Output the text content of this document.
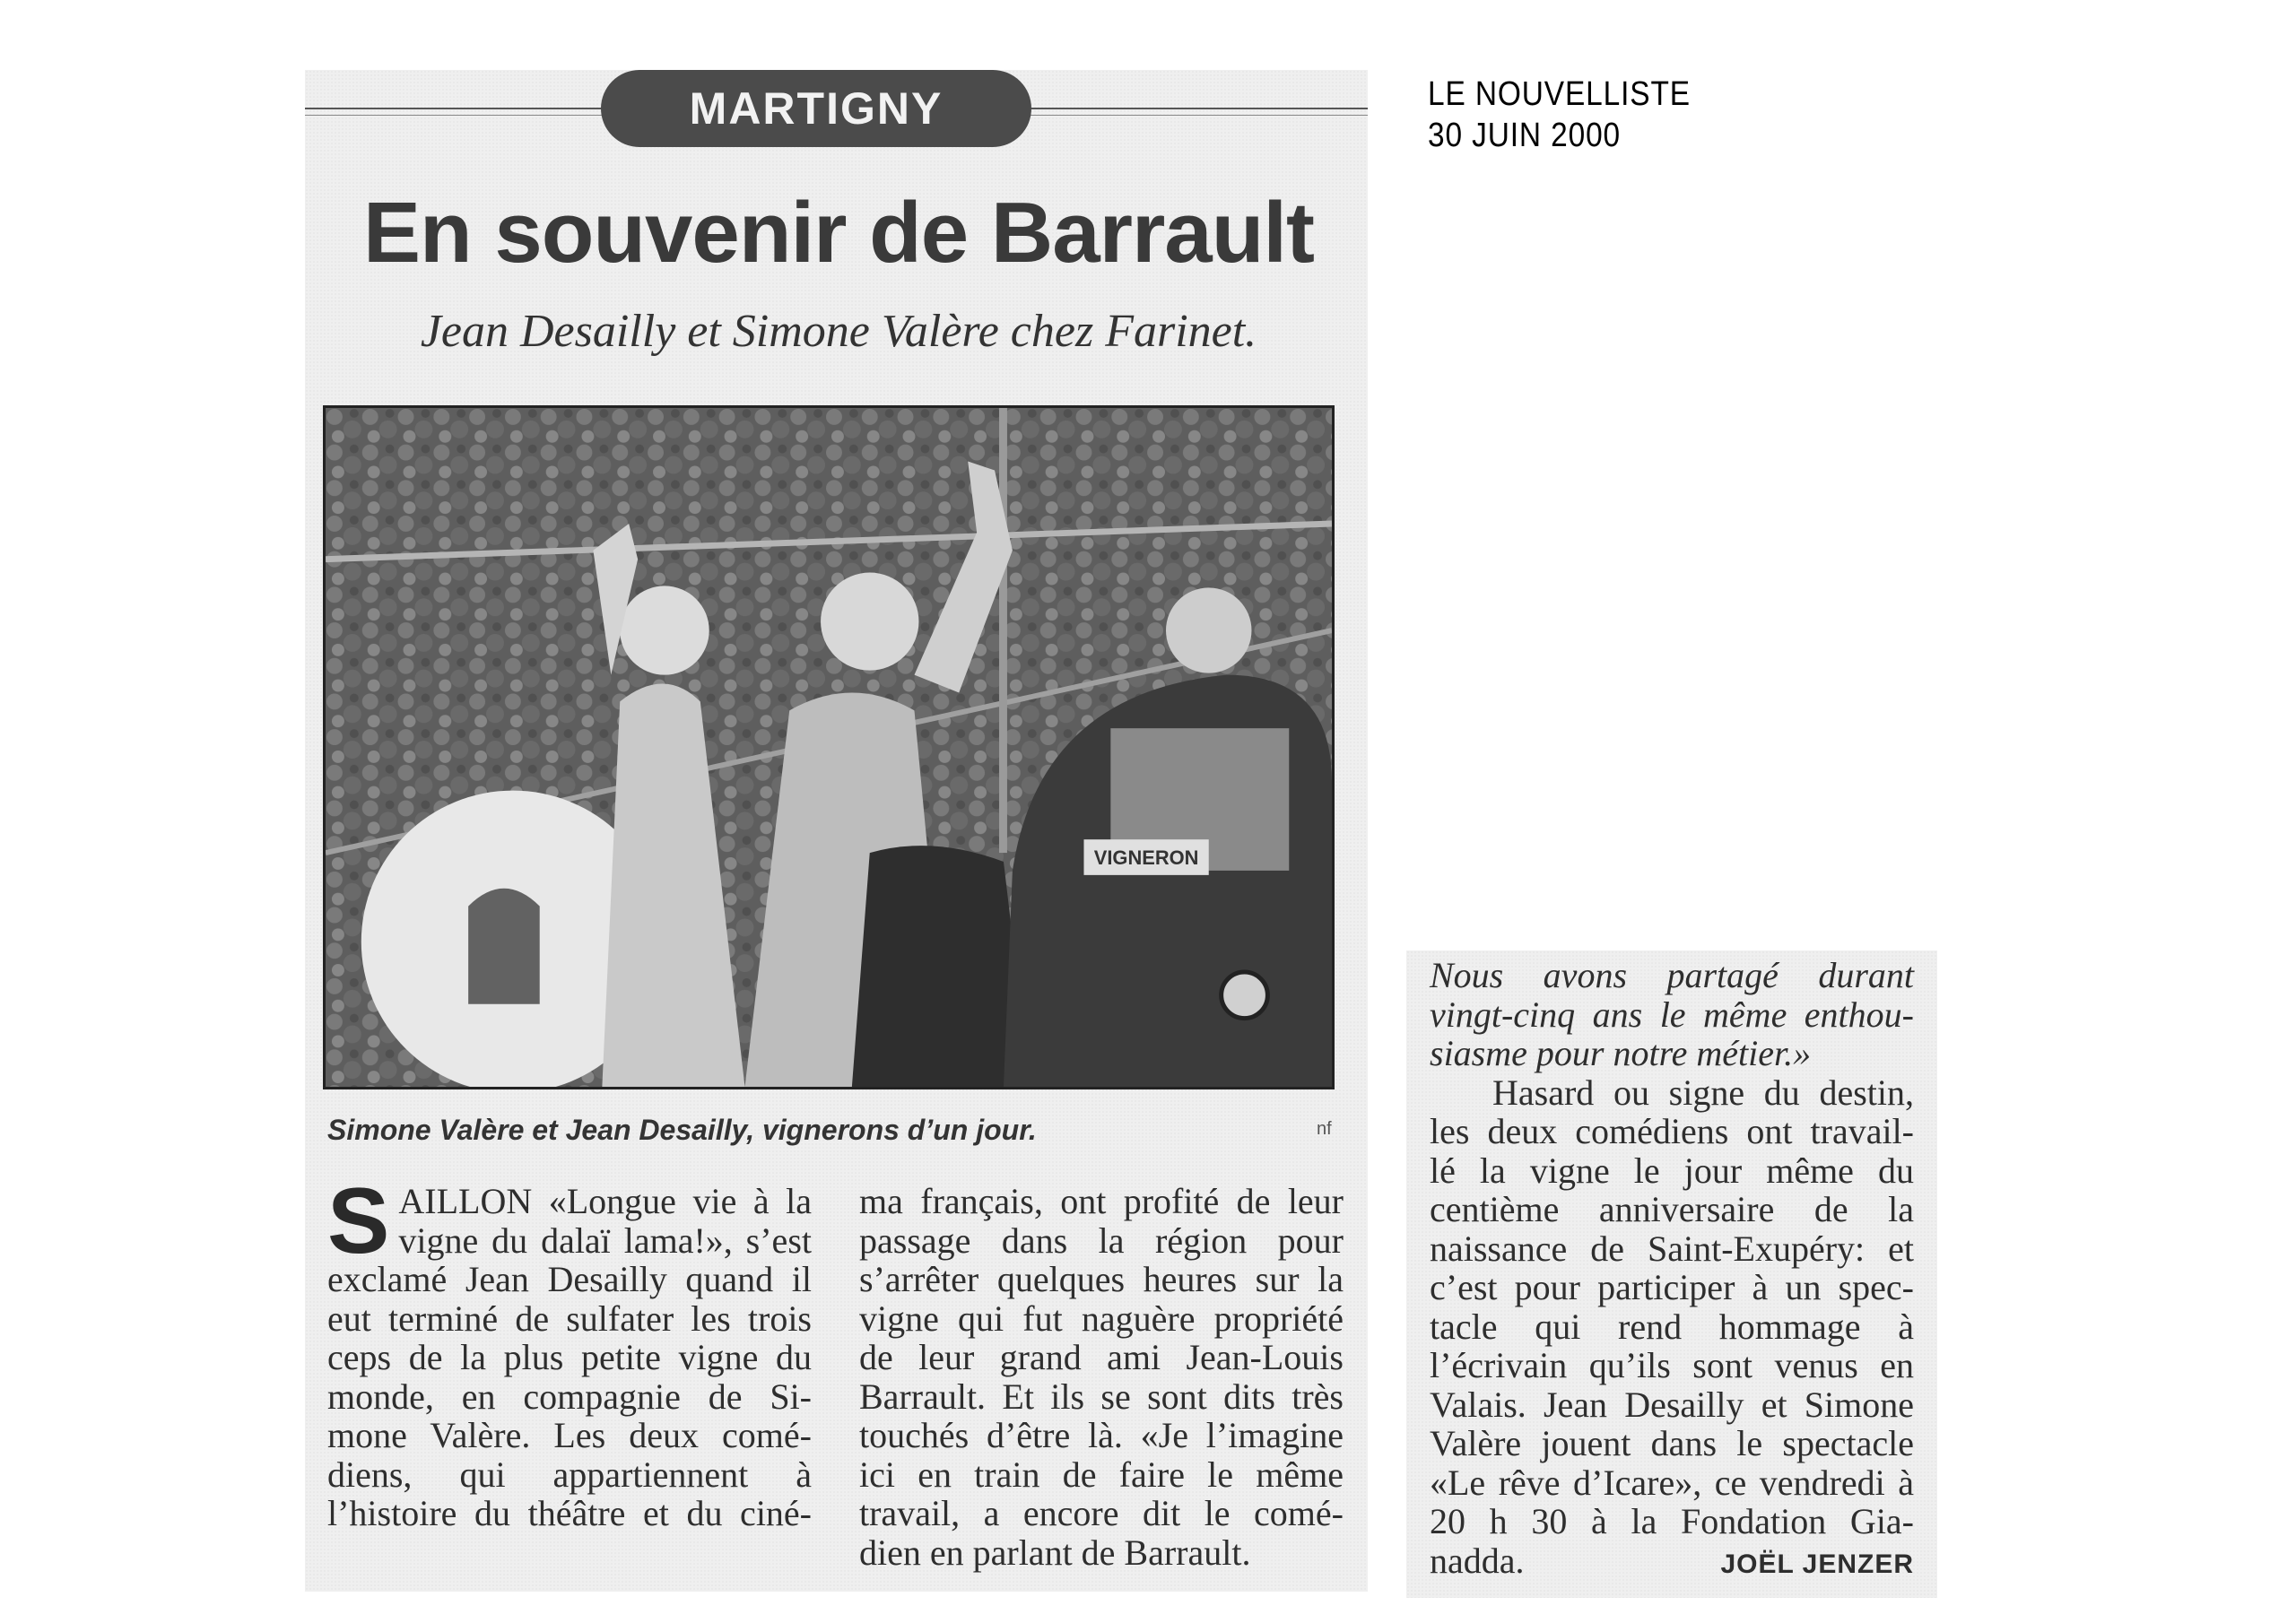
LE NOUVELLISTE
30 JUIN 2000
MARTIGNY
En souvenir de Barrault
Jean Desailly et Simone Valère chez Farinet.
VIGNERON
Simone Valère et Jean Desailly, vignerons d’un jour.	nf
S AILLON «Longue vie à la
vigne du dalaï lama!», s’est
exclamé Jean Desailly quand il
eut terminé de sulfater les trois
ceps de la plus petite vigne du
monde, en compagnie de Si-
mone Valère. Les deux comé-
diens, qui appartiennent à
l’histoire du théâtre et du ciné-
ma français, ont profité de leur
passage dans la région pour
s’arrêter quelques heures sur la
vigne qui fut naguère propriété
de leur grand ami Jean-Louis
Barrault. Et ils se sont dits très
touchés d’être là. «Je l’imagine
ici en train de faire le même
travail, a encore dit le comé-
dien en parlant de Barrault.
Nous avons partagé durant
vingt-cinq ans le même enthou-
siasme pour notre métier.»
Hasard ou signe du destin,
les deux comédiens ont travail-
lé la vigne le jour même du
centième anniversaire de la
naissance de Saint-Exupéry: et
c’est pour participer à un spec-
tacle qui rend hommage à
l’écrivain qu’ils sont venus en
Valais. Jean Desailly et Simone
Valère jouent dans le spectacle
«Le rêve d’Icare», ce vendredi à
20 h 30 à la Fondation Gia-
nadda.	JOËL JENZER
